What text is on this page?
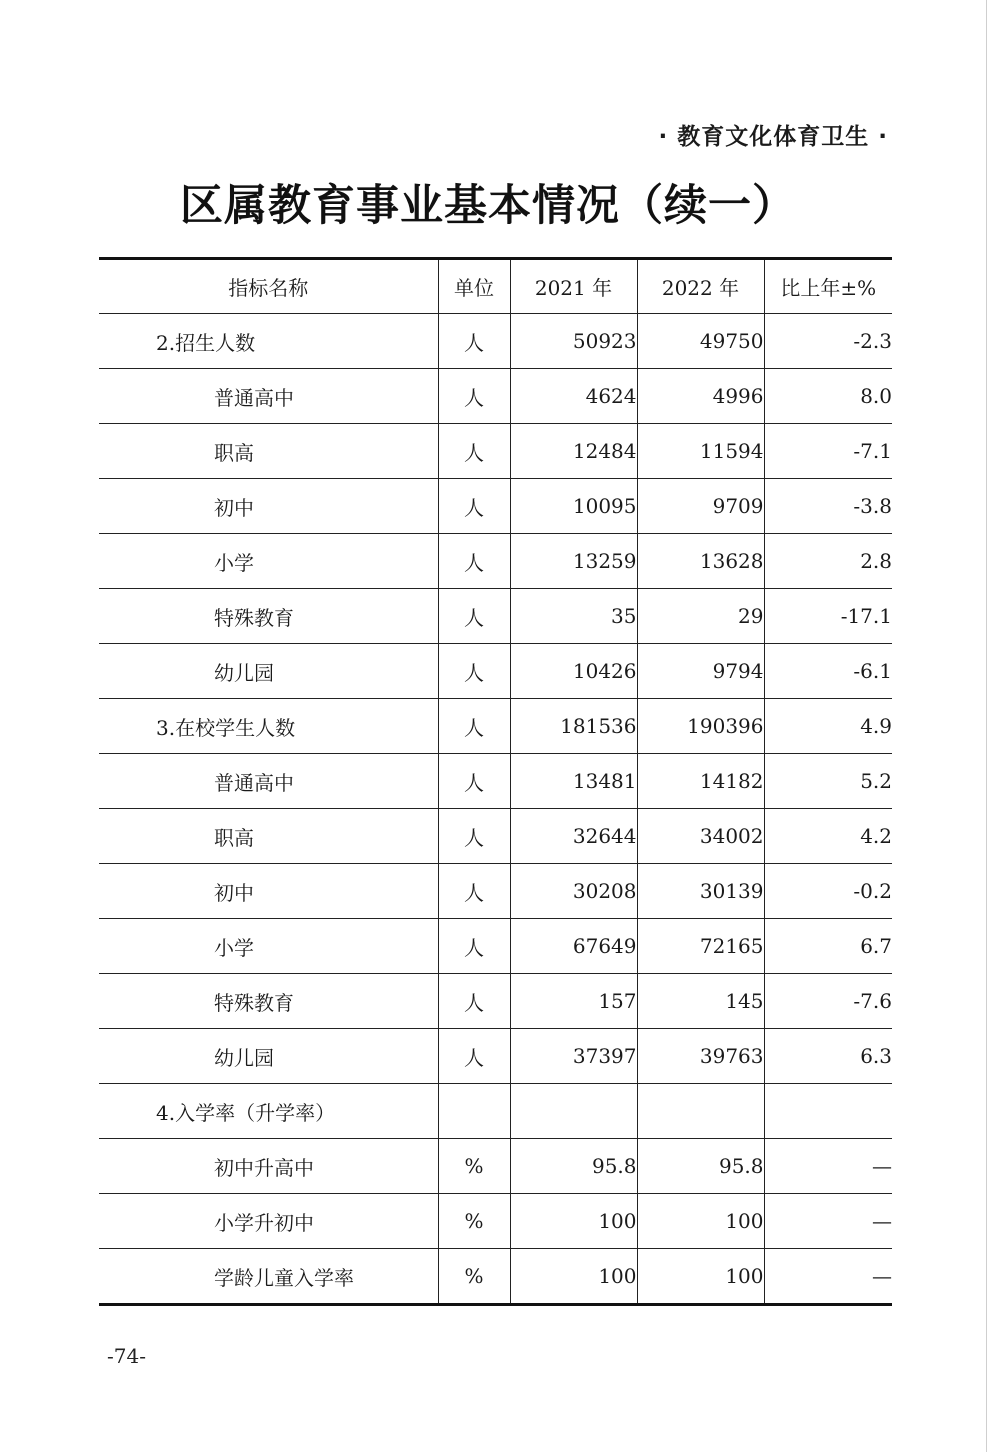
· 教育文化体育卫生 ·
区属教育事业基本情况（续一）
指标名称	单位	2021 年	2022 年	比上年±%
2.招生人数	人	50923	49750	-2.3
普通高中	人	4624	4996	8.0
职高	人	12484	11594	-7.1
初中	人	10095	9709	-3.8
小学	人	13259	13628	2.8
特殊教育	人	35	29	-17.1
幼儿园	人	10426	9794	-6.1
3.在校学生人数	人	181536	190396	4.9
普通高中	人	13481	14182	5.2
职高	人	32644	34002	4.2
初中	人	30208	30139	-0.2
小学	人	67649	72165	6.7
特殊教育	人	157	145	-7.6
幼儿园	人	37397	39763	6.3
4.入学率（升学率）				
初中升高中	%	95.8	95.8	—
小学升初中	%	100	100	—
学龄儿童入学率	%	100	100	—
-74-
